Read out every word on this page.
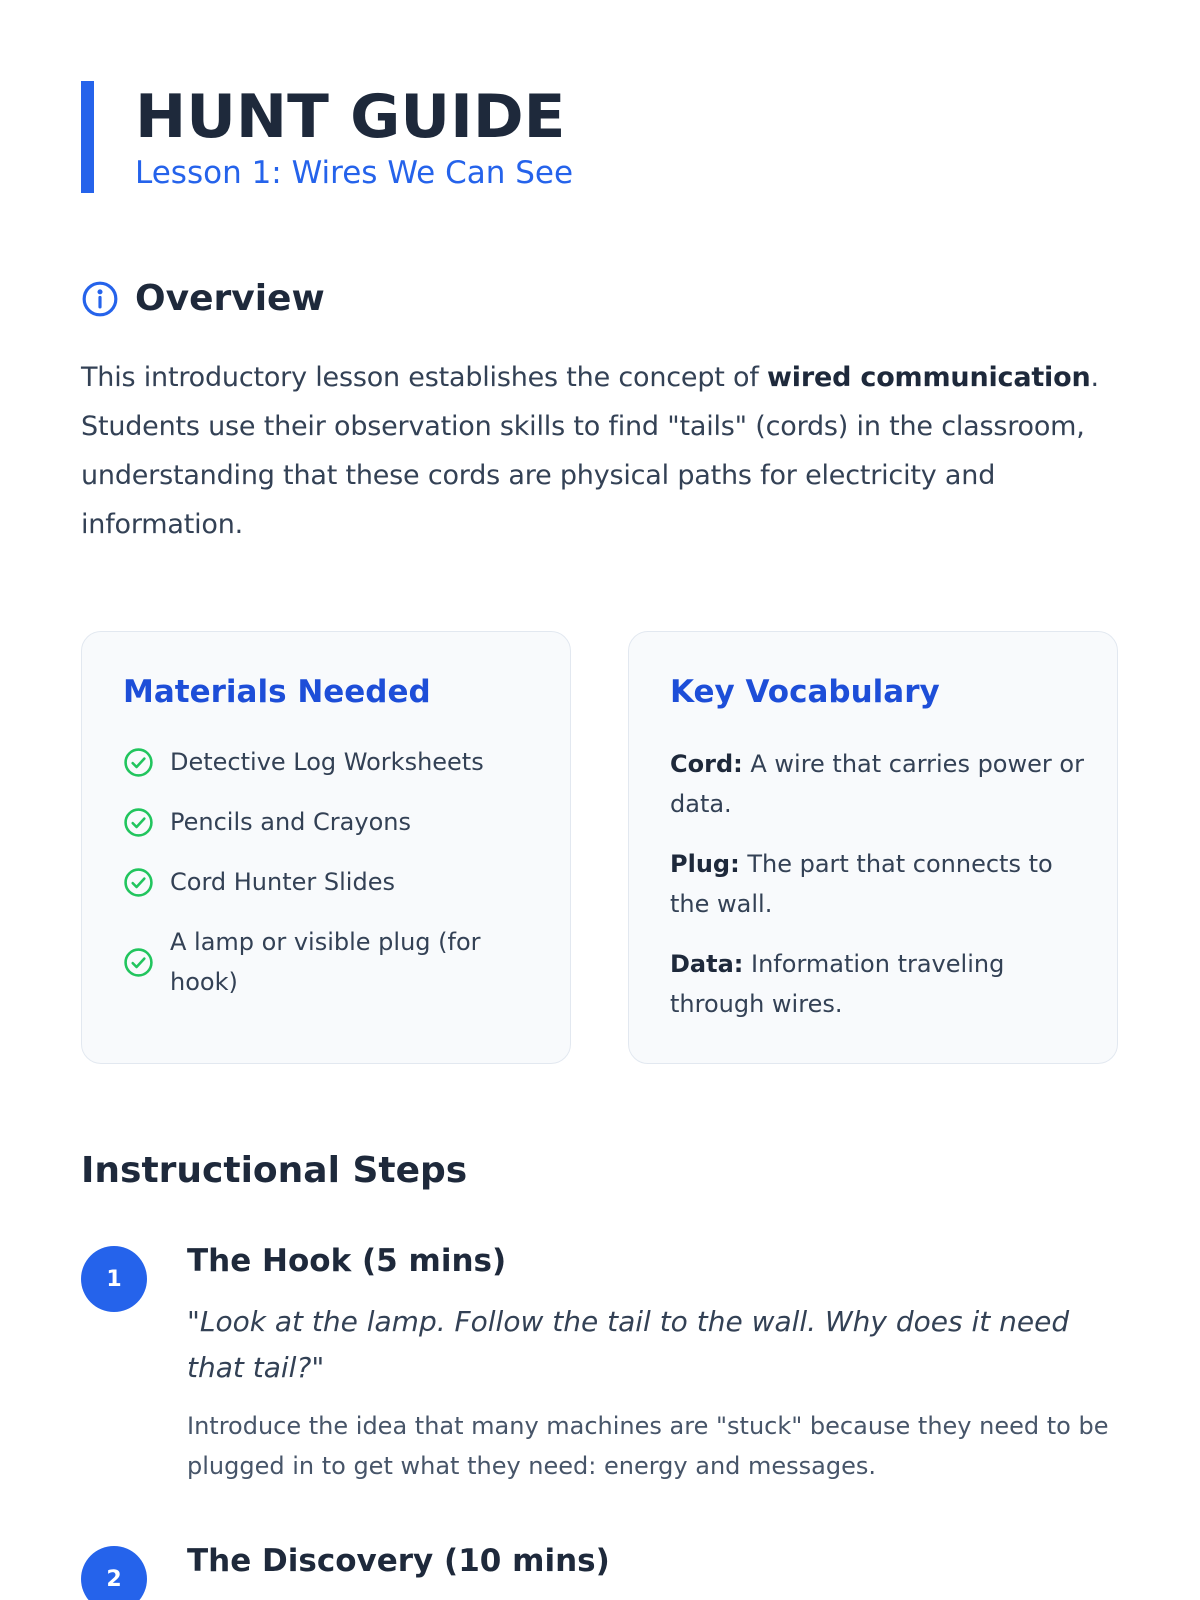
HUNT GUIDE
Lesson 1: Wires We Can See
Overview
This introductory lesson establishes the concept of wired communication. Students use their observation skills to find "tails" (cords) in the classroom, understanding that these cords are physical paths for electricity and information.
Materials Needed
Detective Log Worksheets
Pencils and Crayons
Cord Hunter Slides
A lamp or visible plug (for hook)
Key Vocabulary
Cord: A wire that carries power or data.
Plug: The part that connects to the wall.
Data: Information traveling through wires.
Instructional Steps
1	The Hook (5 mins)
"Look at the lamp. Follow the tail to the wall. Why does it need that tail?"
Introduce the idea that many machines are "stuck" because they need to be plugged in to get what they need: energy and messages.
2	The Discovery (10 mins)
